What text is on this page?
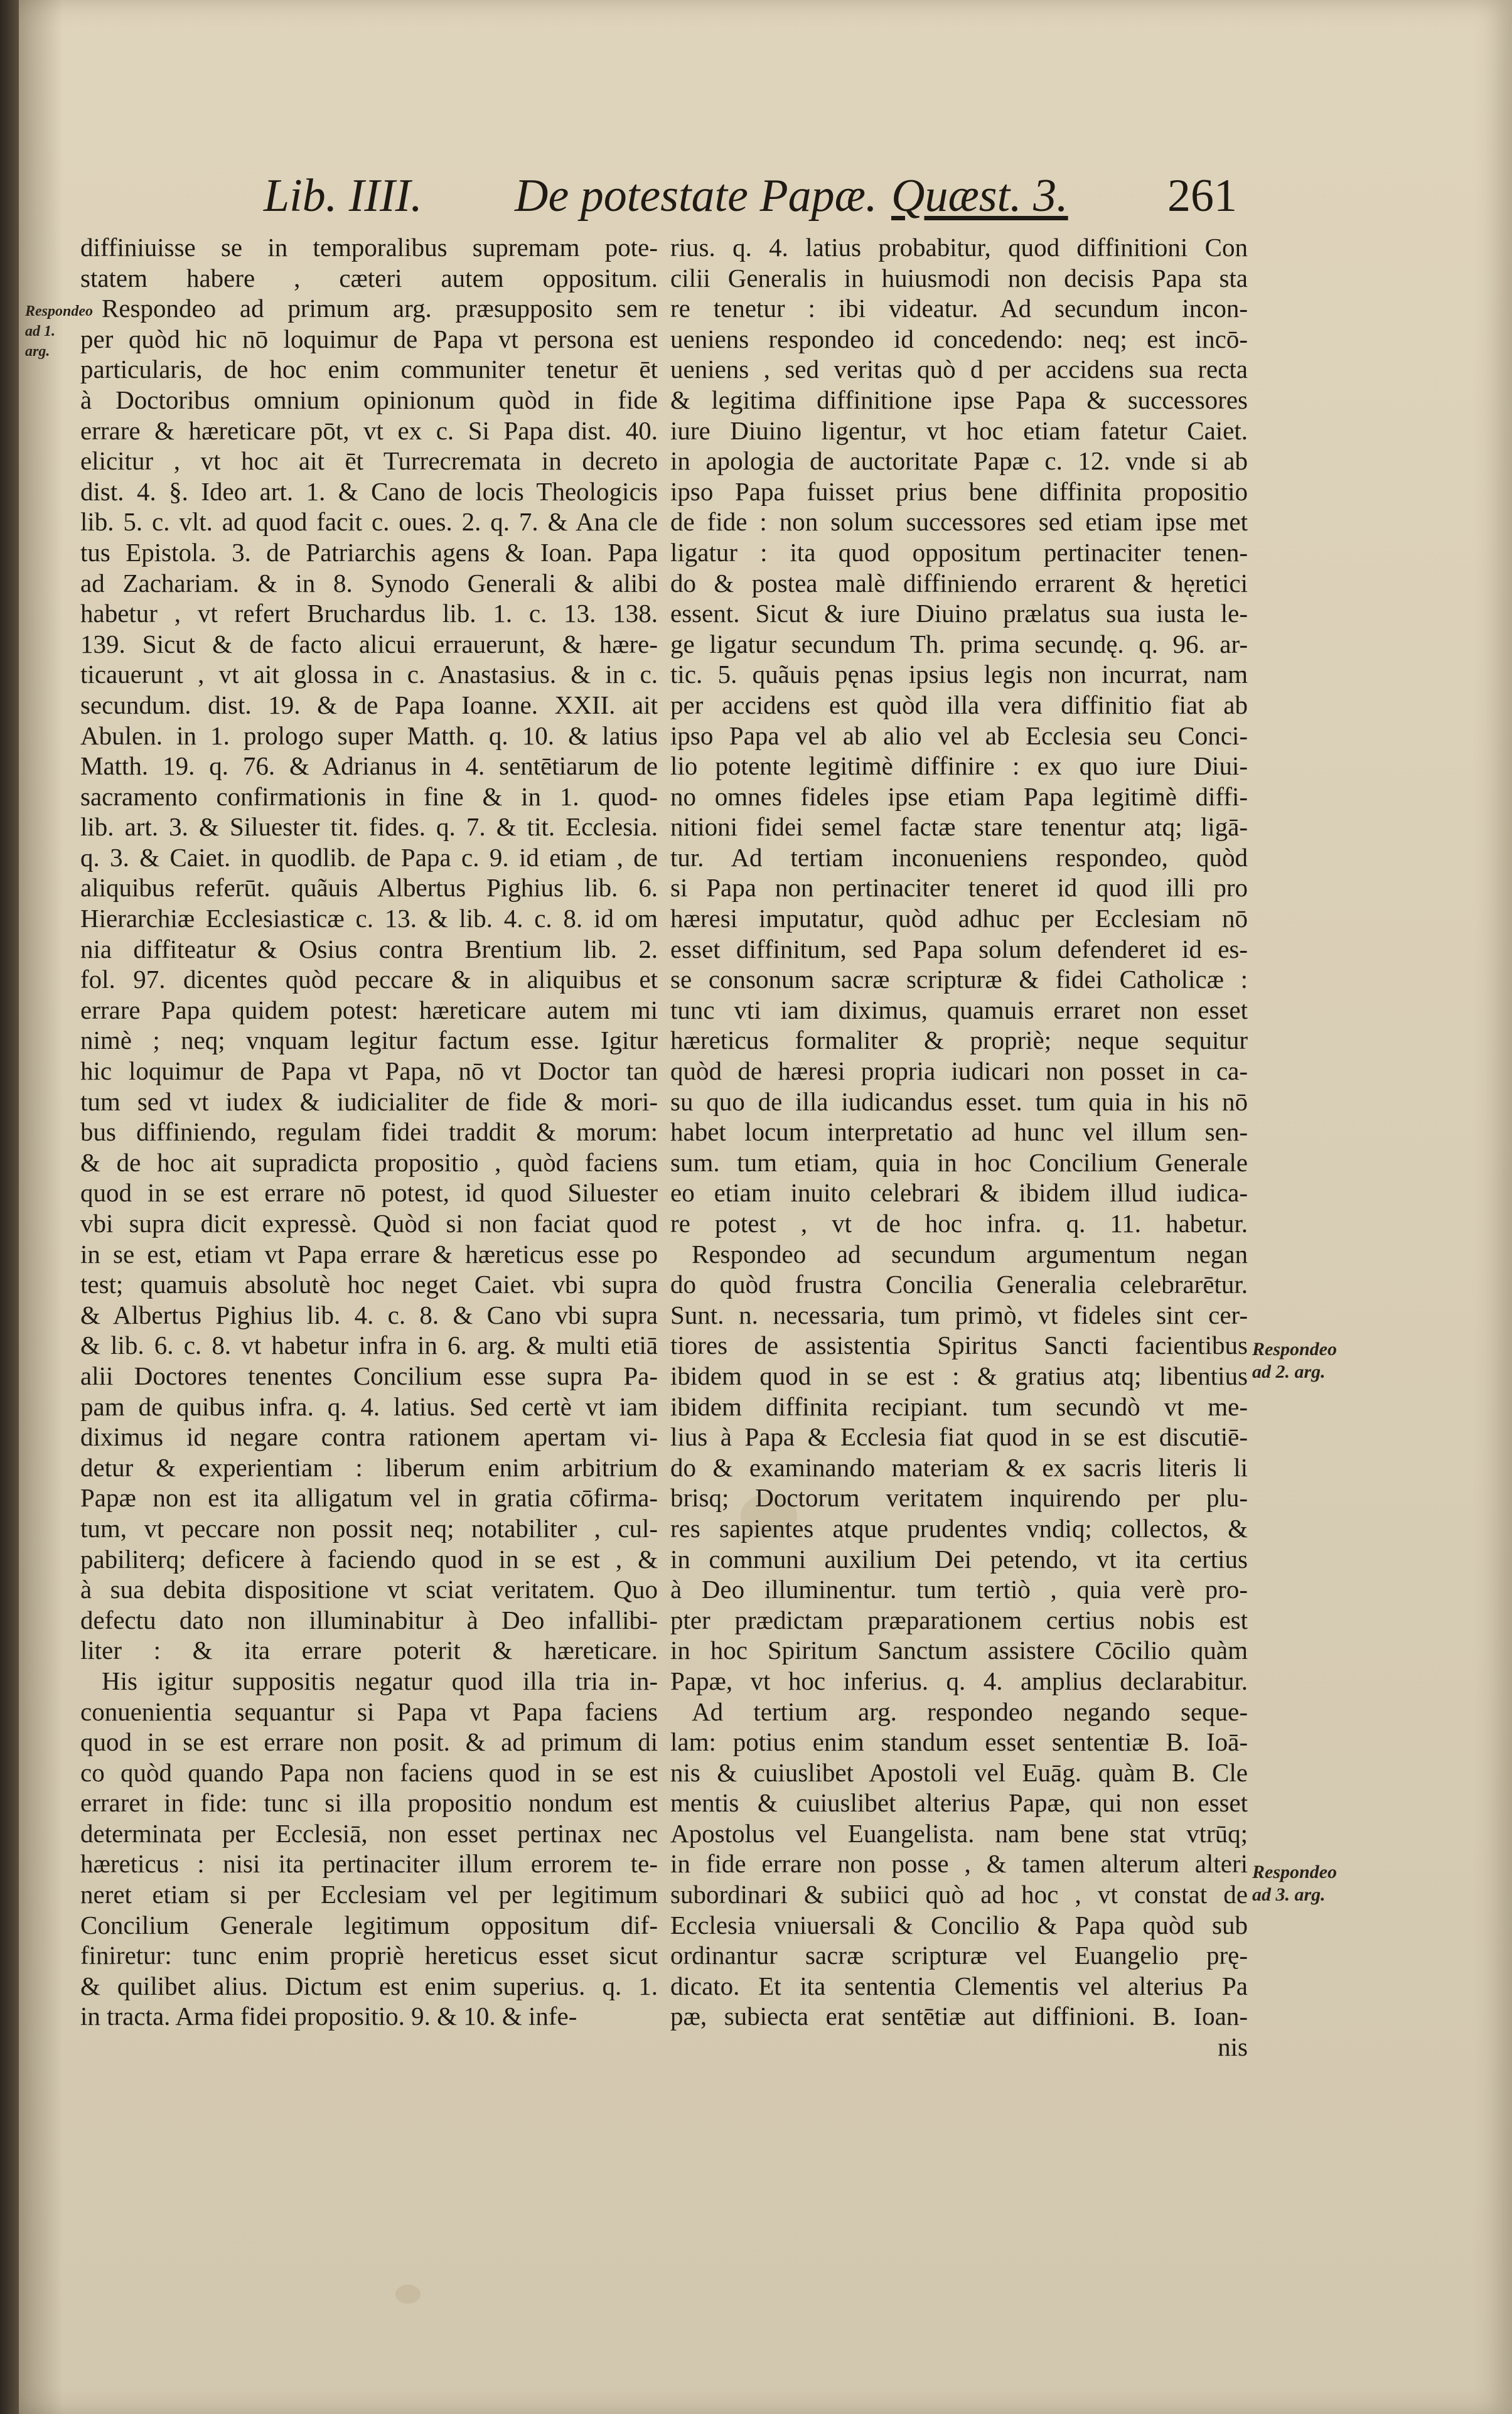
Lib. IIII. De potestate Papæ. Quæst. 3. 261
Respondeo
ad 1. arg.
Respondeo
ad 2. arg.
Respondeo
ad 3. arg.
diffiniuisse se in temporalibus supremam pote-
statem habere , cæteri autem oppositum.
Respondeo ad primum arg. præsupposito sem
per quòd hic nō loquimur de Papa vt persona est
particularis, de hoc enim communiter tenetur ēt
à Doctoribus omnium opinionum quòd in fide
errare & hæreticare pōt, vt ex c. Si Papa dist. 40.
elicitur , vt hoc ait ēt Turrecremata in decreto
dist. 4. §. Ideo art. 1. & Cano de locis Theologicis
lib. 5. c. vlt. ad quod facit c. oues. 2. q. 7. & Ana cle
tus Epistola. 3. de Patriarchis agens & Ioan. Papa
ad Zachariam. & in 8. Synodo Generali & alibi
habetur , vt refert Bruchardus lib. 1. c. 13. 138.
139. Sicut & de facto alicui errauerunt, & hære-
ticauerunt , vt ait glossa in c. Anastasius. & in c.
secundum. dist. 19. & de Papa Ioanne. XXII. ait
Abulen. in 1. prologo super Matth. q. 10. & latius
Matth. 19. q. 76. & Adrianus in 4. sentētiarum de
sacramento confirmationis in fine & in 1. quod-
lib. art. 3. & Siluester tit. fides. q. 7. & tit. Ecclesia.
q. 3. & Caiet. in quodlib. de Papa c. 9. id etiam , de
aliquibus referūt. quãuis Albertus Pighius lib. 6.
Hierarchiæ Ecclesiasticæ c. 13. & lib. 4. c. 8. id om
nia diffiteatur & Osius contra Brentium lib. 2.
fol. 97. dicentes quòd peccare & in aliquibus et
errare Papa quidem potest: hæreticare autem mi
nimè ; neq; vnquam legitur factum esse. Igitur
hic loquimur de Papa vt Papa, nō vt Doctor tan
tum sed vt iudex & iudicialiter de fide & mori-
bus diffiniendo, regulam fidei traddit & morum:
& de hoc ait supradicta propositio , quòd faciens
quod in se est errare nō potest, id quod Siluester
vbi supra dicit expressè. Quòd si non faciat quod
in se est, etiam vt Papa errare & hæreticus esse po
test; quamuis absolutè hoc neget Caiet. vbi supra
& Albertus Pighius lib. 4. c. 8. & Cano vbi supra
& lib. 6. c. 8. vt habetur infra in 6. arg. & multi etiā
alii Doctores tenentes Concilium esse supra Pa-
pam de quibus infra. q. 4. latius. Sed certè vt iam
diximus id negare contra rationem apertam vi-
detur & experientiam : liberum enim arbitrium
Papæ non est ita alligatum vel in gratia cōfirma-
tum, vt peccare non possit neq; notabiliter , cul-
pabiliterq; deficere à faciendo quod in se est , &
à sua debita dispositione vt sciat veritatem. Quo
defectu dato non illuminabitur à Deo infallibi-
liter : & ita errare poterit & hæreticare.
His igitur suppositis negatur quod illa tria in-
conuenientia sequantur si Papa vt Papa faciens
quod in se est errare non posit. & ad primum di
co quòd quando Papa non faciens quod in se est
erraret in fide: tunc si illa propositio nondum est
determinata per Ecclesiā, non esset pertinax nec
hæreticus : nisi ita pertinaciter illum errorem te-
neret etiam si per Ecclesiam vel per legitimum
Concilium Generale legitimum oppositum dif-
finiretur: tunc enim propriè hereticus esset sicut
& quilibet alius. Dictum est enim superius. q. 1.
in tracta. Arma fidei propositio. 9. & 10. & infe-
rius. q. 4. latius probabitur, quod diffinitioni Con
cilii Generalis in huiusmodi non decisis Papa sta
re tenetur : ibi videatur. Ad secundum incon-
ueniens respondeo id concedendo: neq; est incō-
ueniens , sed veritas quò d per accidens sua recta
& legitima diffinitione ipse Papa & successores
iure Diuino ligentur, vt hoc etiam fatetur Caiet.
in apologia de auctoritate Papæ c. 12. vnde si ab
ipso Papa fuisset prius bene diffinita propositio
de fide : non solum successores sed etiam ipse met
ligatur : ita quod oppositum pertinaciter tenen-
do & postea malè diffiniendo errarent & hęretici
essent. Sicut & iure Diuino prælatus sua iusta le-
ge ligatur secundum Th. prima secundę. q. 96. ar-
tic. 5. quãuis pęnas ipsius legis non incurrat, nam
per accidens est quòd illa vera diffinitio fiat ab
ipso Papa vel ab alio vel ab Ecclesia seu Conci-
lio potente legitimè diffinire : ex quo iure Diui-
no omnes fideles ipse etiam Papa legitimè diffi-
nitioni fidei semel factæ stare tenentur atq; ligā-
tur. Ad tertiam inconueniens respondeo, quòd
si Papa non pertinaciter teneret id quod illi pro
hæresi imputatur, quòd adhuc per Ecclesiam nō
esset diffinitum, sed Papa solum defenderet id es-
se consonum sacræ scripturæ & fidei Catholicæ :
tunc vti iam diximus, quamuis erraret non esset
hæreticus formaliter & propriè; neque sequitur
quòd de hæresi propria iudicari non posset in ca-
su quo de illa iudicandus esset. tum quia in his nō
habet locum interpretatio ad hunc vel illum sen-
sum. tum etiam, quia in hoc Concilium Generale
eo etiam inuito celebrari & ibidem illud iudica-
re potest , vt de hoc infra. q. 11. habetur.
Respondeo ad secundum argumentum negan
do quòd frustra Concilia Generalia celebrarētur.
Sunt. n. necessaria, tum primò, vt fideles sint cer-
tiores de assistentia Spiritus Sancti facientibus
ibidem quod in se est : & gratius atq; libentius
ibidem diffinita recipiant. tum secundò vt me-
lius à Papa & Ecclesia fiat quod in se est discutiē-
do & examinando materiam & ex sacris literis li
brisq; Doctorum veritatem inquirendo per plu-
res sapientes atque prudentes vndiq; collectos, &
in communi auxilium Dei petendo, vt ita certius
à Deo illuminentur. tum tertiò , quia verè pro-
pter prædictam præparationem certius nobis est
in hoc Spiritum Sanctum assistere Cōcilio quàm
Papæ, vt hoc inferius. q. 4. amplius declarabitur.
Ad tertium arg. respondeo negando seque-
lam: potius enim standum esset sententiæ B. Ioā-
nis & cuiuslibet Apostoli vel Euāg. quàm B. Cle
mentis & cuiuslibet alterius Papæ, qui non esset
Apostolus vel Euangelista. nam bene stat vtrūq;
in fide errare non posse , & tamen alterum alteri
subordinari & subiici quò ad hoc , vt constat de
Ecclesia vniuersali & Concilio & Papa quòd sub
ordinantur sacræ scripturæ vel Euangelio prę-
dicato. Et ita sententia Clementis vel alterius Pa
pæ, subiecta erat sentētiæ aut diffinioni. B. Ioan-
nis
